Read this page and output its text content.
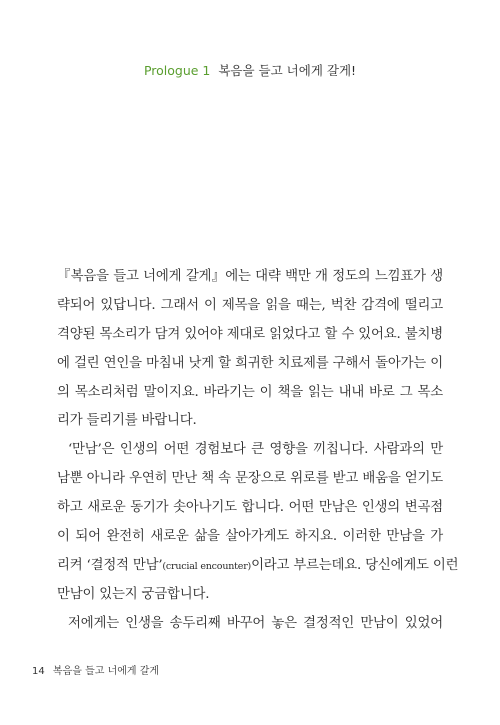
Prologue 1 복음을 들고 너에게 갈게!
『복음을 들고 너에게 갈게』에는 대략 백만 개 정도의 느낌표가 생
략되어 있답니다. 그래서 이 제목을 읽을 때는, 벅찬 감격에 떨리고
격양된 목소리가 담겨 있어야 제대로 읽었다고 할 수 있어요. 불치병
에 걸린 연인을 마침내 낫게 할 희귀한 치료제를 구해서 돌아가는 이
의 목소리처럼 말이지요. 바라기는 이 책을 읽는 내내 바로 그 목소
리가 들리기를 바랍니다.
‘만남’은 인생의 어떤 경험보다 큰 영향을 끼칩니다. 사람과의 만
남뿐 아니라 우연히 만난 책 속 문장으로 위로를 받고 배움을 얻기도
하고 새로운 동기가 솟아나기도 합니다. 어떤 만남은 인생의 변곡점
이 되어 완전히 새로운 삶을 살아가게도 하지요. 이러한 만남을 가
리켜 ‘결정적 만남’(crucial encounter)이라고 부르는데요. 당신에게도 이런
만남이 있는지 궁금합니다.
저에게는 인생을 송두리째 바꾸어 놓은 결정적인 만남이 있었어
14 복음을 들고 너에게 갈게
